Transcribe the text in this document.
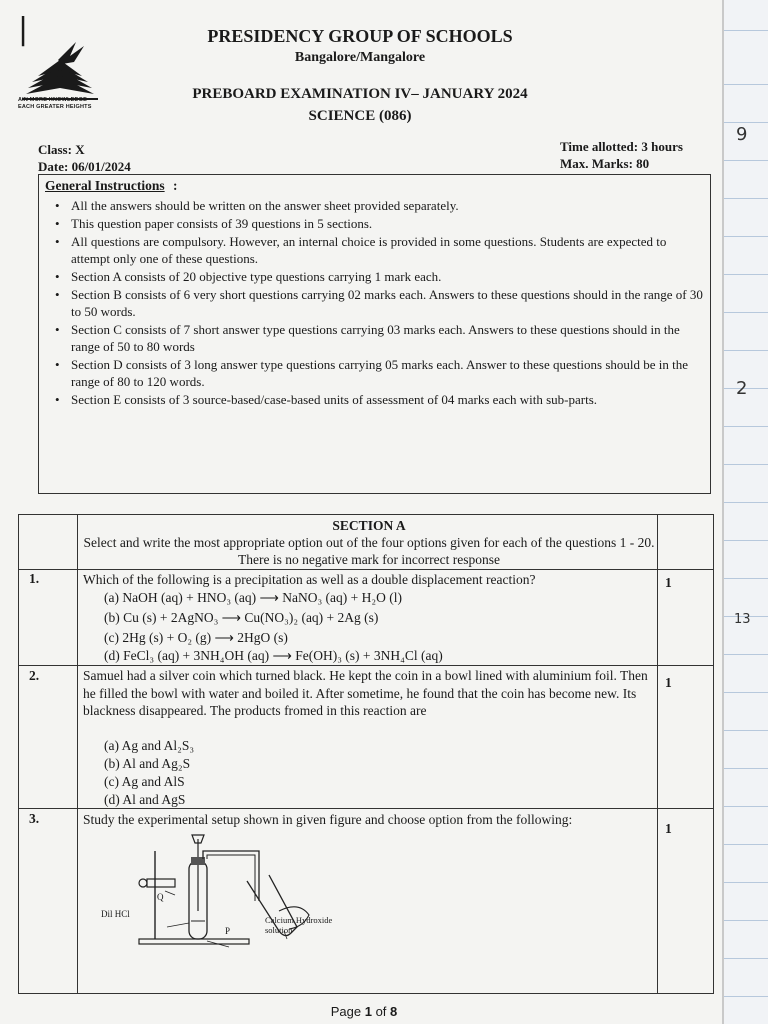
|
AIN MORE KNOWLEDGE
EACH GREATER HEIGHTS
PRESIDENCY GROUP OF SCHOOLS
Bangalore/Mangalore
PREBOARD EXAMINATION IV– JANUARY 2024
SCIENCE (086)
Class: X
Date: 06/01/2024
Time allotted: 3 hours
Max. Marks: 80
General Instructions :
• All the answers should be written on the answer sheet provided separately.
• This question paper consists of 39 questions in 5 sections.
• All questions are compulsory. However, an internal choice is provided in some questions. Students are expected to attempt only one of these questions.
• Section A consists of 20 objective type questions carrying 1 mark each.
• Section B consists of 6 very short questions carrying 02 marks each. Answers to these questions should in the range of 30 to 50 words.
• Section C consists of 7 short answer type questions carrying 03 marks each. Answers to these questions should in the range of 50 to 80 words
• Section D consists of 3 long answer type questions carrying 05 marks each. Answer to these questions should be in the range of 80 to 120 words.
• Section E consists of 3 source-based/case-based units of assessment of 04 marks each with sub-parts.
SECTION A
Select and write the most appropriate option out of the four options given for each of the questions 1 - 20. There is no negative mark for incorrect response
1.	Which of the following is a precipitation as well as a double displacement reaction?
(a) NaOH (aq) + HNO₃ (aq) ⟶ NaNO₃ (aq) + H₂O (l)
(b) Cu (s) + 2AgNO₃ ⟶ Cu(NO₃)₂ (aq) + 2Ag (s)
(c) 2Hg (s) + O₂ (g) ⟶ 2HgO (s)
(d) FeCl₃ (aq) + 3NH₄OH (aq) ⟶ Fe(OH)₃ (s) + 3NH₄Cl (aq)
1
2.	Samuel had a silver coin which turned black. He kept the coin in a bowl lined with aluminium foil. Then he filled the bowl with water and boiled it. After sometime, he found that the coin has become new. Its blackness disappeared. The products fromed in this reaction are
(a) Ag and Al₂S₃
(b) Al and Ag₂S
(c) Ag and AlS
(d) Al and AgS
1
3.	Study the experimental setup shown in given figure and choose option from the following:
1
Q
Dil HCl
P
Calcium Hydroxide
solution
Page 1 of 8
9
2
13
